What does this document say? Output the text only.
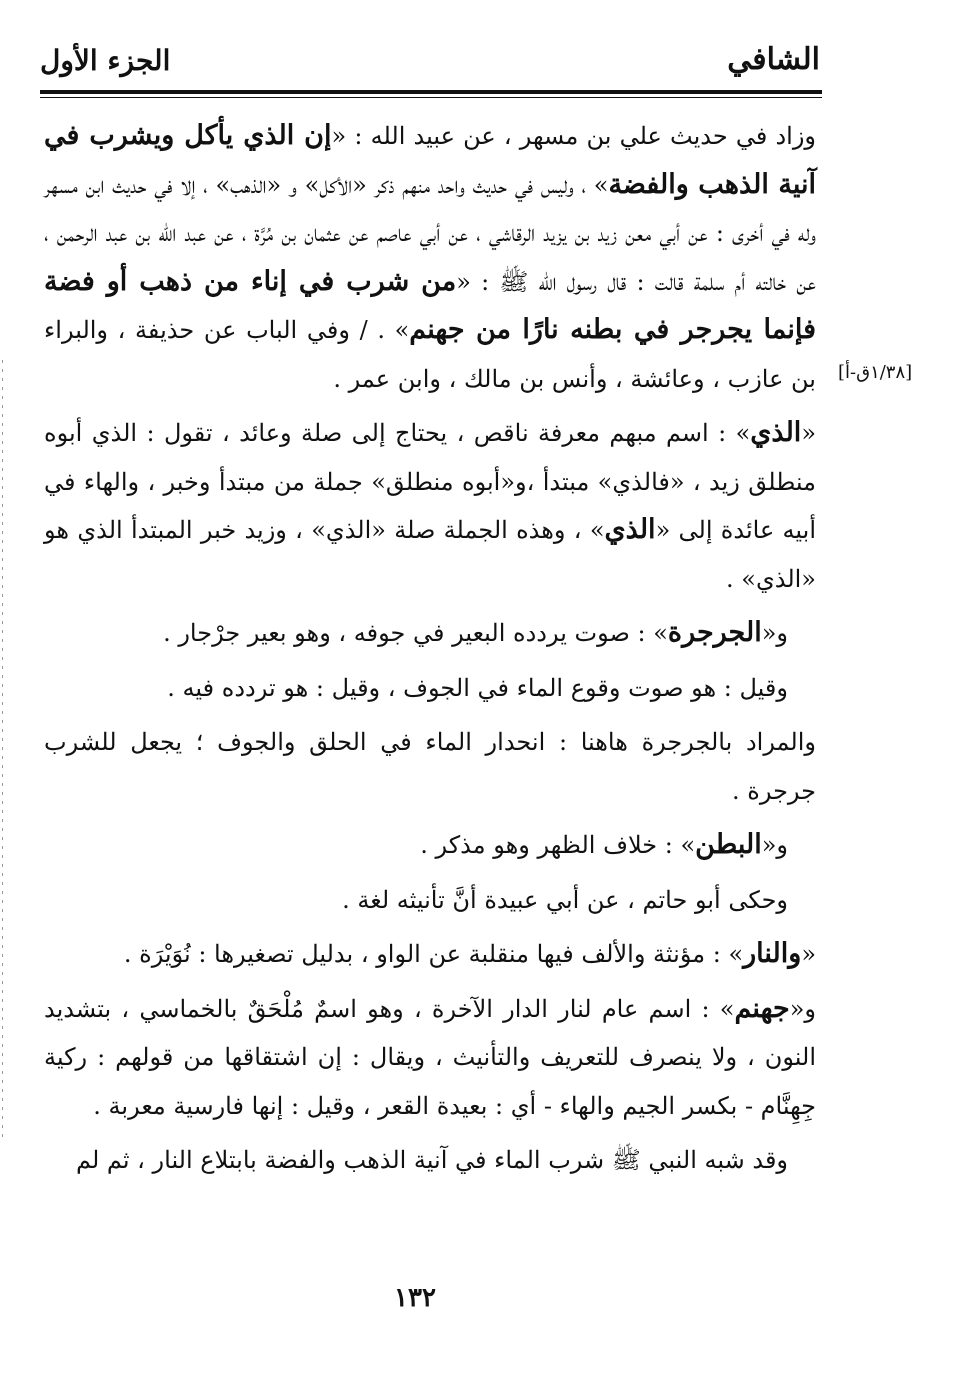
الشافي
الجزء الأول
[١/٣٨ق-أ]

وزاد في حديث علي بن مسهر ، عن عبيد الله : «إن الذي يأكل ويشرب في آنية الذهب والفضة» ، وليس في حديث واحد منهم ذكر «الأكل» و «الذهب» ، إلا في حديث ابن مسهر وله في أخرى : عن أبي معن زيد بن يزيد الرقاشي ، عن أبي عاصم عن عثمان بن مُرَّة ، عن عبد الله بن عبد الرحمن ، عن خالته أم سلمة قالت : قال رسول الله ﷺ : «من شرب في إناء من ذهب أو فضة فإنما يجرجر في بطنه نارًا من جهنم» . / وفي الباب عن حذيفة ، والبراء بن عازب ، وعائشة ، وأنس بن مالك ، وابن عمر .

«الذي» : اسم مبهم معرفة ناقص ، يحتاج إلى صلة وعائد ، تقول : الذي أبوه منطلق زيد ، «فالذي» مبتدأ ،و«أبوه منطلق» جملة من مبتدأ وخبر ، والهاء في أبيه عائدة إلى «الذي» ، وهذه الجملة صلة «الذي» ، وزيد خبر المبتدأ الذي هو «الذي» .

و«الجرجرة» : صوت يردده البعير في جوفه ، وهو بعير جرْجار .

وقيل : هو صوت وقوع الماء في الجوف ، وقيل : هو تردده فيه .

والمراد بالجرجرة هاهنا : انحدار الماء في الحلق والجوف ؛ يجعل للشرب جرجرة .

و«البطن» : خلاف الظهر وهو مذكر .

وحكى أبو حاتم ، عن أبي عبيدة أنَّ تأنيثه لغة .

«والنار» : مؤنثة والألف فيها منقلبة عن الواو ، بدليل تصغيرها : نُوَيْرَة .

و«جهنم» : اسم عام لنار الدار الآخرة ، وهو اسمٌ مُلْحَقٌ بالخماسي ، بتشديد النون ، ولا ينصرف للتعريف والتأنيث ، ويقال : إن اشتقاقها من قولهم : ركية جِهِنَّام - بكسر الجيم والهاء - أي : بعيدة القعر ، وقيل : إنها فارسية معربة .

وقد شبه النبي ﷺ شرب الماء في آنية الذهب والفضة بابتلاع النار ، ثم لم

١٣٢
